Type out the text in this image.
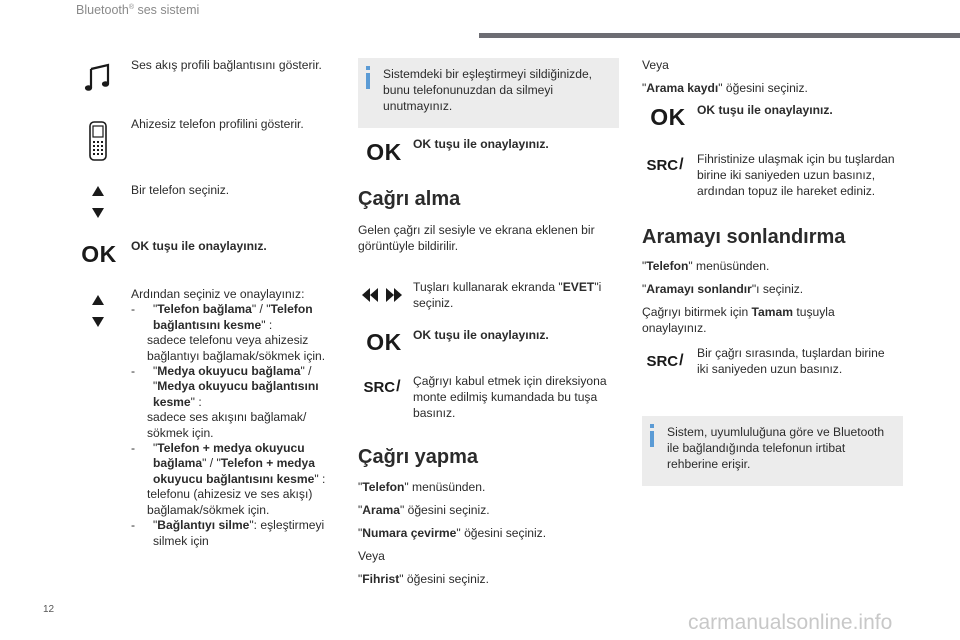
Bluetooth® ses sistemi
Ses akış profili bağlantısını gösterir.
Ahizesiz telefon profilini gösterir.
Bir telefon seçiniz.
OK OK tuşu ile onaylayınız.
Ardından seçiniz ve onaylayınız:
-	"Telefon bağlama" / "Telefon
bağlantısını kesme" :
sadece telefonu veya ahizesiz
bağlantıyı bağlamak/sökmek için.
-	"Medya okuyucu bağlama" /
"Medya okuyucu bağlantısını
kesme" :
sadece ses akışını bağlamak/
sökmek için.
-	"Telefon + medya okuyucu
bağlama" / "Telefon + medya
okuyucu bağlantısını kesme" :
telefonu (ahizesiz ve ses akışı)
bağlamak/sökmek için.
-	"Bağlantıyı silme": eşleştirmeyi
silmek için
Sistemdeki bir eşleştirmeyi sildiğinizde, bunu telefonunuzdan da silmeyi unutmayınız.
OK OK tuşu ile onaylayınız.
Çağrı alma
Gelen çağrı zil sesiyle ve ekrana eklenen bir görüntüyle bildirilir.
Tuşları kullanarak ekranda "EVET"i seçiniz.
OK OK tuşu ile onaylayınız.
SRC / Çağrıyı kabul etmek için direksiyona monte edilmiş kumandada bu tuşa basınız.
Çağrı yapma
"Telefon" menüsünden.
"Arama" öğesini seçiniz.
"Numara çevirme" öğesini seçiniz.
Veya
"Fihrist" öğesini seçiniz.
Veya
"Arama kaydı" öğesini seçiniz.
OK OK tuşu ile onaylayınız.
SRC / Fihristinize ulaşmak için bu tuşlardan birine iki saniyeden uzun basınız, ardından topuz ile hareket ediniz.
Aramayı sonlandırma
"Telefon" menüsünden.
"Aramayı sonlandır"ı seçiniz.
Çağrıyı bitirmek için Tamam tuşuyla onaylayınız.
SRC / Bir çağrı sırasında, tuşlardan birine iki saniyeden uzun basınız.
Sistem, uyumluluğuna göre ve Bluetooth ile bağlandığında telefonun irtibat rehberine erişir.
12
carmanualsonline.info
